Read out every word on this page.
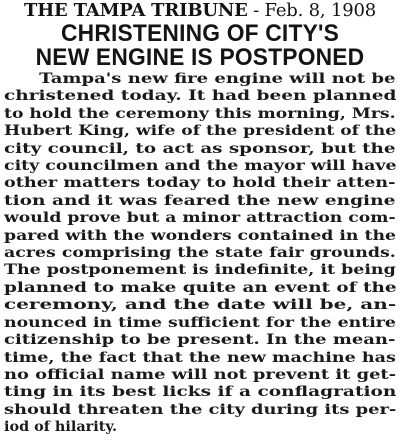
THE TAMPA TRIBUNE - Feb. 8, 1908
CHRISTENING OF CITY'S
NEW ENGINE IS POSTPONED
Tampa's new fire engine will not be
christened today. It had been planned
to hold the ceremony this morning, Mrs.
Hubert King, wife of the president of the
city council, to act as sponsor, but the
city councilmen and the mayor will have
other matters today to hold their atten-
tion and it was feared the new engine
would prove but a minor attraction com-
pared with the wonders contained in the
acres comprising the state fair grounds.
The postponement is indefinite, it being
planned to make quite an event of the
ceremony, and the date will be, an-
nounced in time sufficient for the entire
citizenship to be present. In the mean-
time, the fact that the new machine has
no official name will not prevent it get-
ting in its best licks if a conflagration
should threaten the city during its per-
iod of hilarity.
